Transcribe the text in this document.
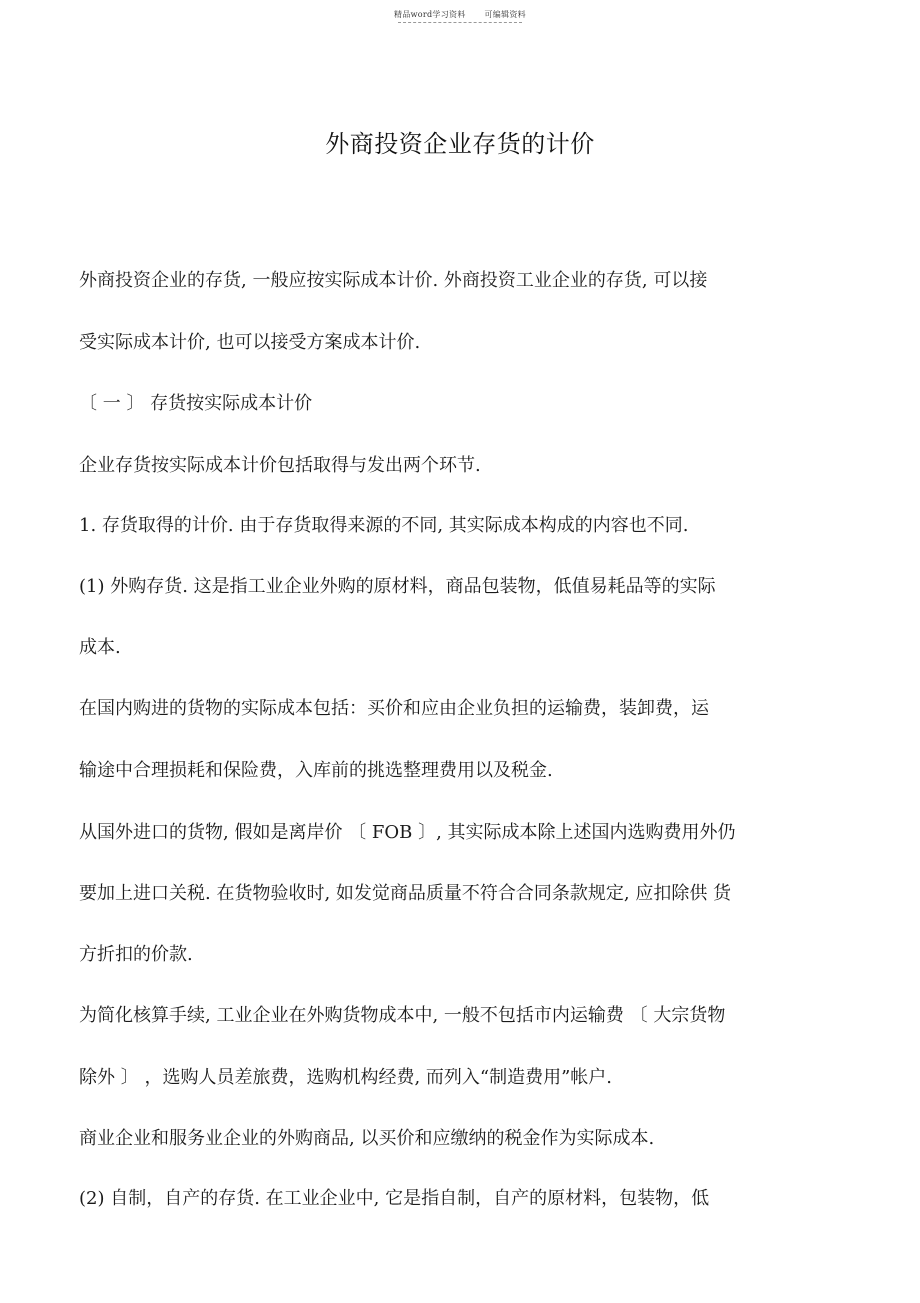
精品word学习资料 可编辑资料
外商投资企业存货的计价
外商投资企业的存货, 一般应按实际成本计价. 外商投资工业企业的存货, 可以接
受实际成本计价, 也可以接受方案成本计价.
〔 一 〕 存货按实际成本计价
企业存货按实际成本计价包括取得与发出两个环节.
1. 存货取得的计价. 由于存货取得来源的不同, 其实际成本构成的内容也不同.
(1) 外购存货. 这是指工业企业外购的原材料，商品包装物，低值易耗品等的实际
成本.
在国内购进的货物的实际成本包括：买价和应由企业负担的运输费，装卸费，运
输途中合理损耗和保险费，入库前的挑选整理费用以及税金.
从国外进口的货物, 假如是离岸价 〔 FOB 〕, 其实际成本除上述国内选购费用外仍
要加上进口关税. 在货物验收时, 如发觉商品质量不符合合同条款规定, 应扣除供 货
方折扣的价款.
为简化核算手续, 工业企业在外购货物成本中, 一般不包括市内运输费 〔 大宗货物
除外 〕 ，选购人员差旅费，选购机构经费, 而列入“制造费用”帐户.
商业企业和服务业企业的外购商品, 以买价和应缴纳的税金作为实际成本.
(2) 自制，自产的存货. 在工业企业中, 它是指自制，自产的原材料，包装物，低
